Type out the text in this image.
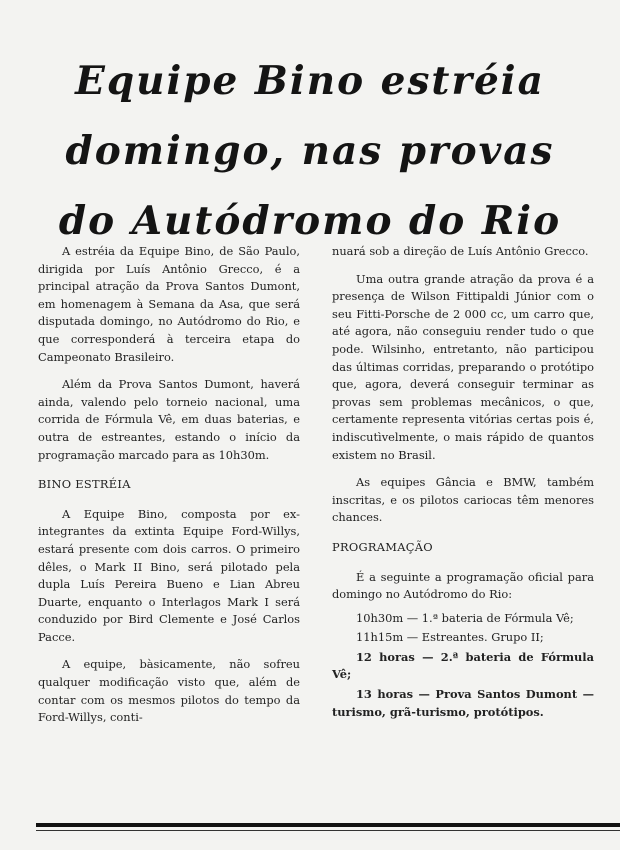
Equipe Bino estréia
domingo, nas provas
do Autódromo do Rio

A estréia da Equipe Bino, de São Paulo, dirigida por Luís Antônio Grecco, é a principal atração da Prova Santos Dumont, em homenagem à Semana da Asa, que será disputada domingo, no Autódromo do Rio, e que corresponderá à terceira etapa do Campeonato Brasileiro.

Além da Prova Santos Dumont, haverá ainda, valendo pelo torneio nacional, uma corrida de Fórmula Vê, em duas baterias, e outra de estreantes, estando o início da programação marcado para as 10h30m.

BINO ESTRÉIA

A Equipe Bino, composta por ex-integrantes da extinta Equipe Ford-Willys, estará presente com dois carros. O primeiro dêles, o Mark II Bino, será pilotado pela dupla Luís Pereira Bueno e Lian Abreu Duarte, enquanto o Interlagos Mark I será conduzido por Bird Clemente e José Carlos Pacce.

A equipe, bàsicamente, não sofreu qualquer modificação visto que, além de contar com os mesmos pilotos do tempo da Ford-Willys, conti-

nuará sob a direção de Luís Antônio Grecco.

Uma outra grande atração da prova é a presença de Wilson Fittipaldi Júnior com o seu Fitti-Porsche de 2 000 cc, um carro que, até agora, não conseguiu render tudo o que pode. Wilsinho, entretanto, não participou das últimas corridas, preparando o protótipo que, agora, deverá conseguir terminar as provas sem problemas mecânicos, o que, certamente representa vitórias certas pois é, indiscutìvelmente, o mais rápido de quantos existem no Brasil.

As equipes Gância e BMW, também inscritas, e os pilotos cariocas têm menores chances.

PROGRAMAÇÃO

É a seguinte a programação oficial para domingo no Autódromo do Rio:

10h30m — 1.ª bateria de Fórmula Vê;

11h15m — Estreantes. Grupo II;

12 horas — 2.ª bateria de Fórmula Vê;

13 horas — Prova Santos Dumont — turismo, grã-turismo, protótipos.
